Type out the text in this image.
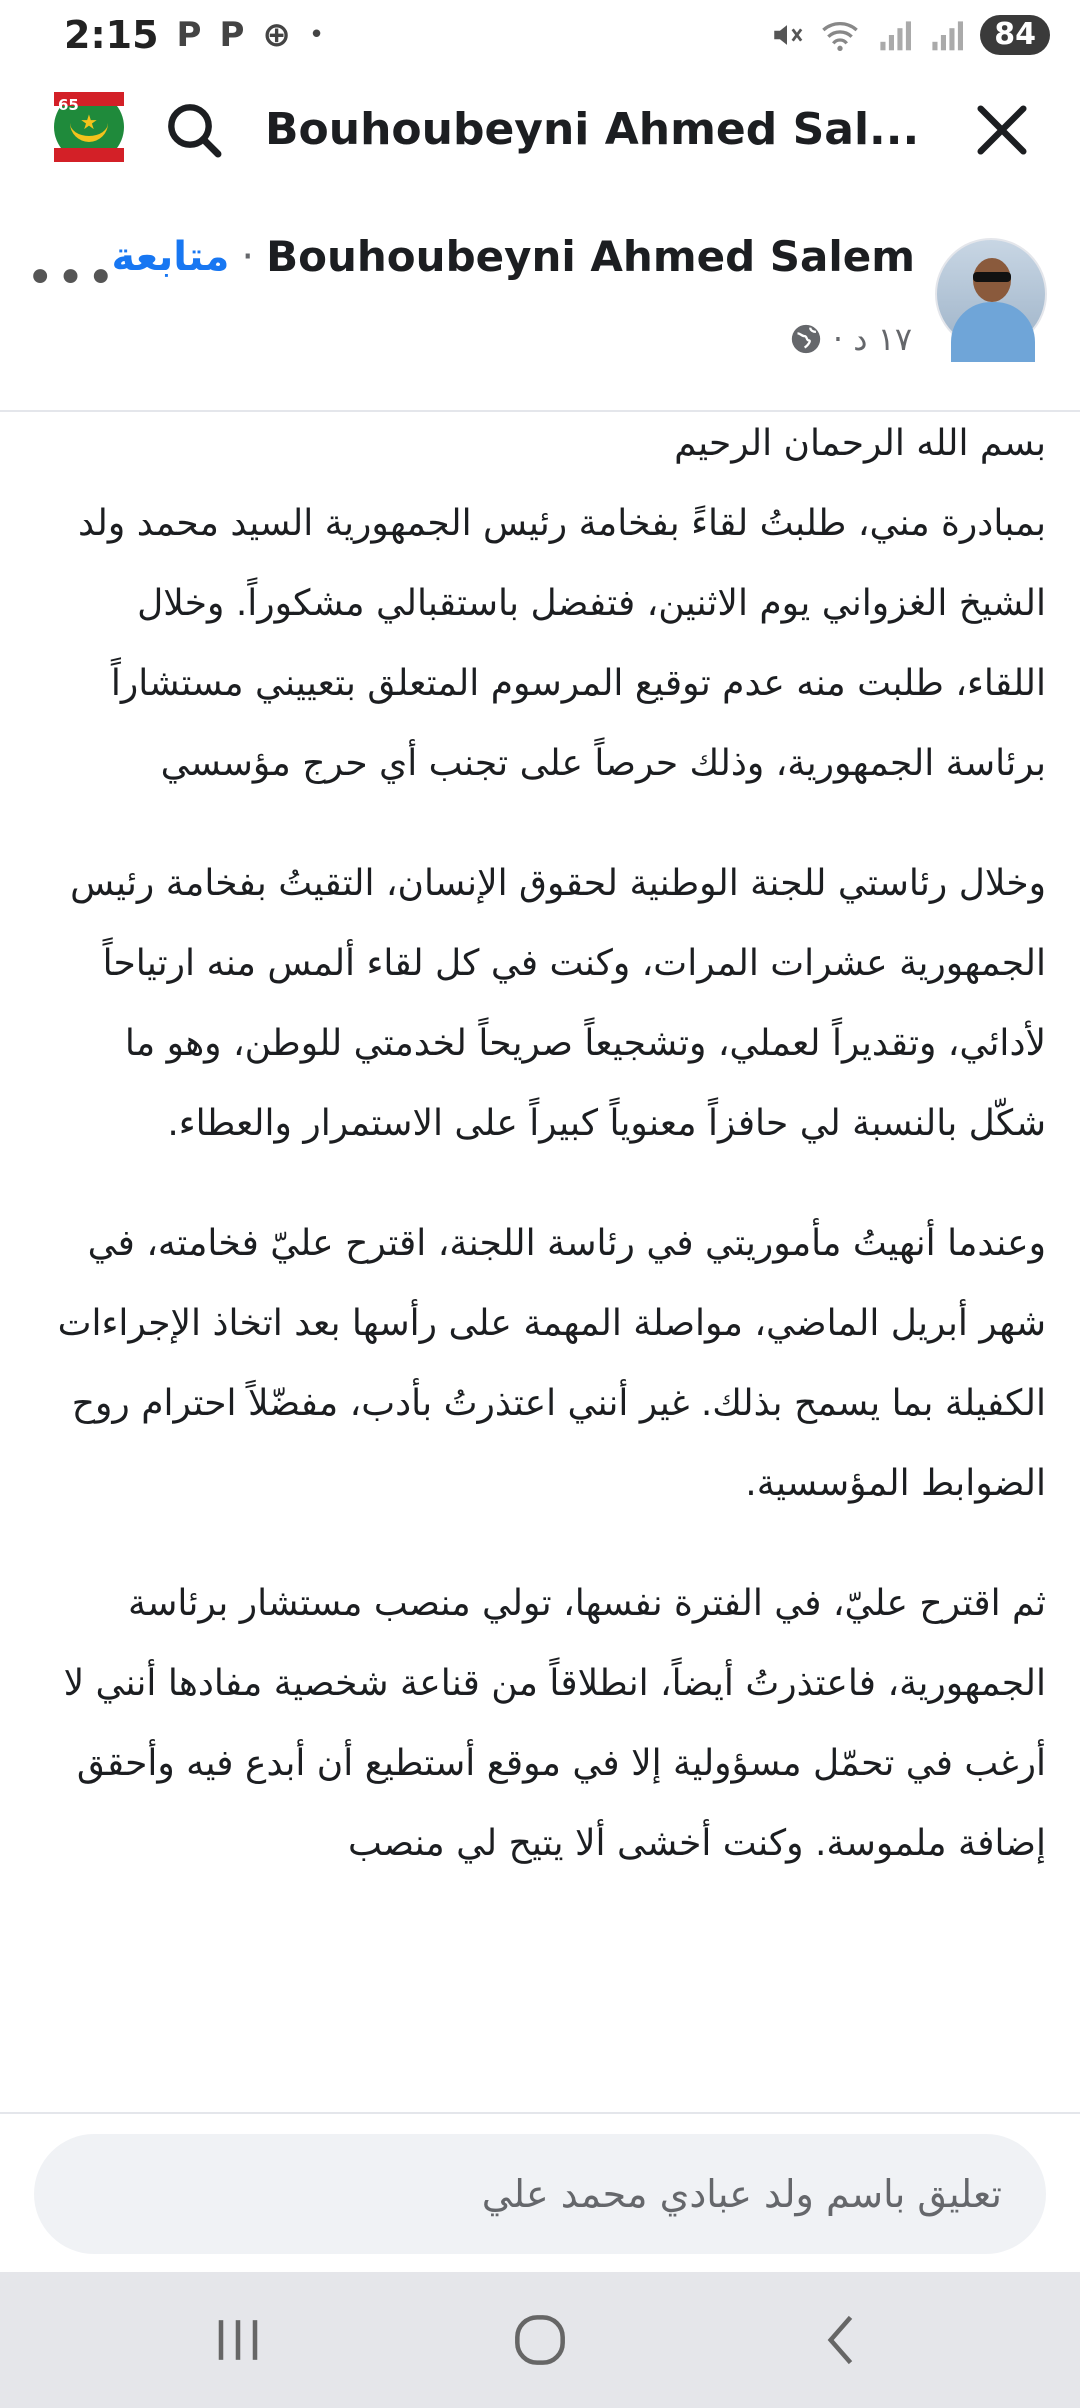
2:15 P P ⊕ •	84
★
65	Bouhoubeyni Ahmed Sal...
•••
متابعة · Bouhoubeyni Ahmed Salem
١٧ د ·

بسم الله الرحمان الرحيم
بمبادرة مني، طلبتُ لقاءً بفخامة رئيس الجمهورية السيد محمد ولد الشيخ الغزواني يوم الاثنين، فتفضل باستقبالي مشكوراً. وخلال اللقاء، طلبت منه عدم توقيع المرسوم المتعلق بتعييني مستشاراً برئاسة الجمهورية، وذلك حرصاً على تجنب أي حرج مؤسسي

وخلال رئاستي للجنة الوطنية لحقوق الإنسان، التقيتُ بفخامة رئيس الجمهورية عشرات المرات، وكنت في كل لقاء ألمس منه ارتياحاً لأدائي، وتقديراً لعملي، وتشجيعاً صريحاً لخدمتي للوطن، وهو ما شكّل بالنسبة لي حافزاً معنوياً كبيراً على الاستمرار والعطاء.

وعندما أنهيتُ مأموريتي في رئاسة اللجنة، اقترح عليّ فخامته، في شهر أبريل الماضي، مواصلة المهمة على رأسها بعد اتخاذ الإجراءات الكفيلة بما يسمح بذلك. غير أنني اعتذرتُ بأدب، مفضّلاً احترام روح الضوابط المؤسسية.

ثم اقترح عليّ، في الفترة نفسها، تولي منصب مستشار برئاسة الجمهورية، فاعتذرتُ أيضاً، انطلاقاً من قناعة شخصية مفادها أنني لا أرغب في تحمّل مسؤولية إلا في موقع أستطيع أن أبدع فيه وأحقق إضافة ملموسة. وكنت أخشى ألا يتيح لي منصب

تعليق باسم ولد عبادي محمد علي
